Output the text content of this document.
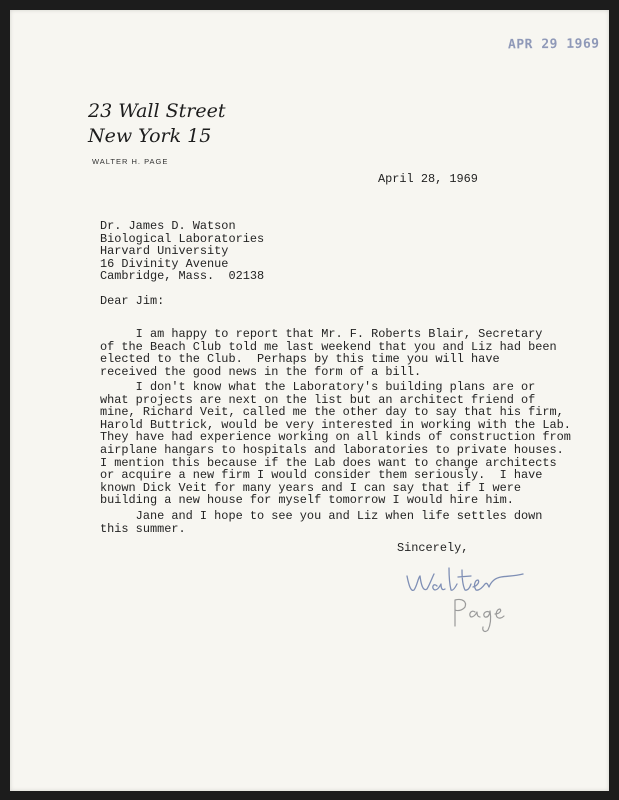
APR 29 1969
23 Wall Street
New York 15
WALTER H. PAGE
April 28, 1969
Dr. James D. Watson
Biological Laboratories
Harvard University
16 Divinity Avenue
Cambridge, Mass.  02138
Dear Jim:
I am happy to report that Mr. F. Roberts Blair, Secretary
of the Beach Club told me last weekend that you and Liz had been
elected to the Club.  Perhaps by this time you will have
received the good news in the form of a bill.
I don't know what the Laboratory's building plans are or
what projects are next on the list but an architect friend of
mine, Richard Veit, called me the other day to say that his firm,
Harold Buttrick, would be very interested in working with the Lab.
They have had experience working on all kinds of construction from
airplane hangars to hospitals and laboratories to private houses.
I mention this because if the Lab does want to change architects
or acquire a new firm I would consider them seriously.  I have
known Dick Veit for many years and I can say that if I were
building a new house for myself tomorrow I would hire him.
Jane and I hope to see you and Liz when life settles down
this summer.
Sincerely,
